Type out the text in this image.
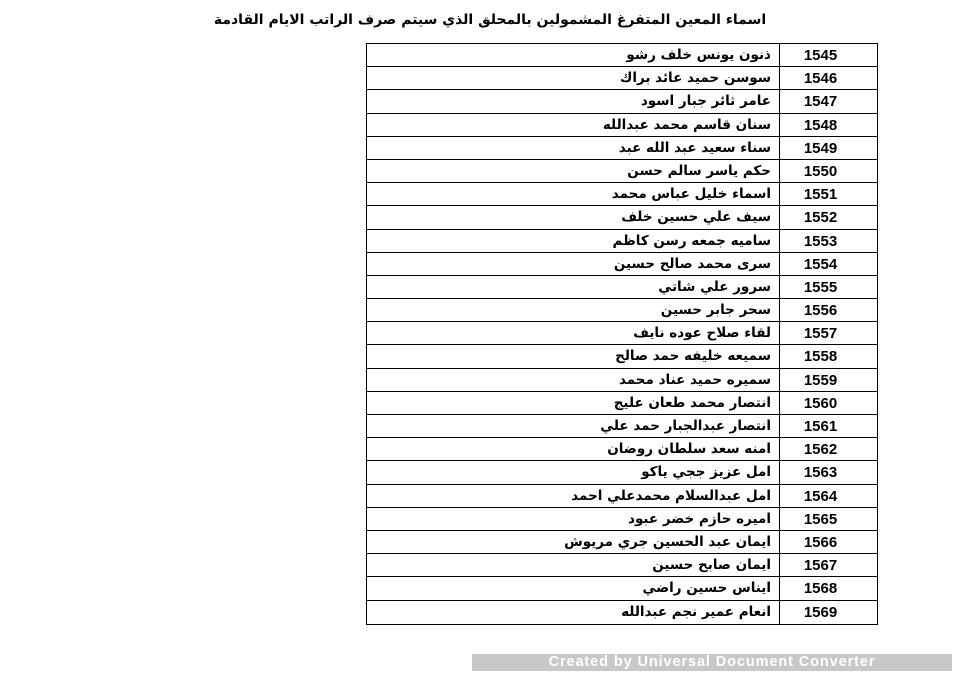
اسماء المعين المتفرغ المشمولين بالمحلق الذي سيتم صرف الراتب الايام القادمة
ذنون يونس خلف رشو	1545
سوسن حميد عائد براك	1546
عامر ثائر جبار اسود	1547
سنان قاسم محمد عبدالله	1548
سناء سعيد عبد الله عبد	1549
حكم ياسر سالم حسن	1550
اسماء خليل عباس محمد	1551
سيف علي حسين خلف	1552
ساميه جمعه رسن كاظم	1553
سرى محمد صالح حسين	1554
سرور علي شاتي	1555
سحر جابر حسين	1556
لقاء صلاح عوده نايف	1557
سميعه خليفه حمد صالح	1558
سميره حميد عناد محمد	1559
انتصار محمد طعان عليج	1560
انتصار عبدالجبار حمد علي	1561
امنه سعد سلطان روضان	1562
امل عزيز ججي ياكو	1563
امل عبدالسلام محمدعلي احمد	1564
اميره حازم خضر عبود	1565
ايمان عبد الحسين جري مريوش	1566
ايمان صابح حسين	1567
ايناس حسين راضي	1568
انعام عمير نجم عبدالله	1569
Created by Universal Document Converter
